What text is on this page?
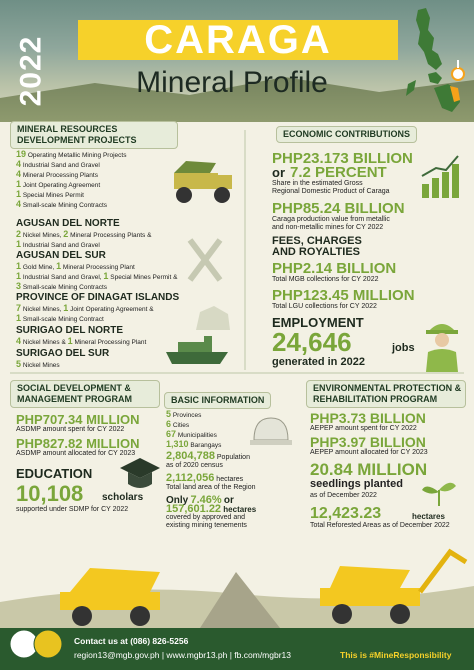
2022 CARAGA
Mineral Profile
MINERAL RESOURCES
DEVELOPMENT PROJECTS
19 Operating Metallic Mining Projects
4 Industrial Sand and Gravel
4 Mineral Processing Plants
1 Joint Operating Agreement
1 Special Mines Permit
4 Small-scale Mining Contracts
AGUSAN DEL NORTE
2 Nickel Mines, 2 Mineral Processing Plants &
1 Industrial Sand and Gravel
AGUSAN DEL SUR
1 Gold Mine, 1 Mineral Processing Plant
1 Industrial Sand and Gravel, 1 Special Mines Permit &
3 Small-scale Mining Contracts
PROVINCE OF DINAGAT ISLANDS
7 Nickel Mines, 1 Joint Operating Agreement &
1 Small-scale Mining Contract
SURIGAO DEL NORTE
4 Nickel Mines & 1 Mineral Processing Plant
SURIGAO DEL SUR
5 Nickel Mines
ECONOMIC CONTRIBUTIONS
PHP23.173 BILLION
or 7.2 PERCENT
Share in the estimated Gross
Regional Domestic Product of Caraga
PHP85.24 BILLION
Caraga production value from metallic
and non-metallic mines for CY 2022
FEES, CHARGES
AND ROYALTIES
PHP2.14 BILLION
Total MGB collections for CY 2022
PHP123.45 MILLION
Total LGU collections for CY 2022
EMPLOYMENT
24,646	jobs
generated in 2022
SOCIAL DEVELOPMENT &
MANAGEMENT PROGRAM
PHP707.34 MILLION
ASDMP amount spent for CY 2022
PHP827.82 MILLION
ASDMP amount allocated for CY 2023
EDUCATION
10,108 scholars
supported under SDMP for CY 2022
BASIC INFORMATION
5 Provinces
6 Cities
67 Municipalities
1,310 Barangays
2,804,788 Population
as of 2020 census
2,112,056 hectares
Total land area of the Region
Only 7.46% or
157,601.22 hectares
covered by approved and
existing mining tenements
ENVIRONMENTAL PROTECTION &
REHABILITATION PROGRAM
PHP3.73 BILLION
AEPEP amount spent for CY 2022
PHP3.97 BILLION
AEPEP amount allocated for CY 2023
20.84 MILLION
seedlings planted
as of December 2022
12,423.23	hectares
Total Reforested Areas as of December 2022
Contact us at (086) 826-5256
region13@mgb.gov.ph | www.mgbr13.ph | fb.com/mgbr13	This is #MineResponsibility
